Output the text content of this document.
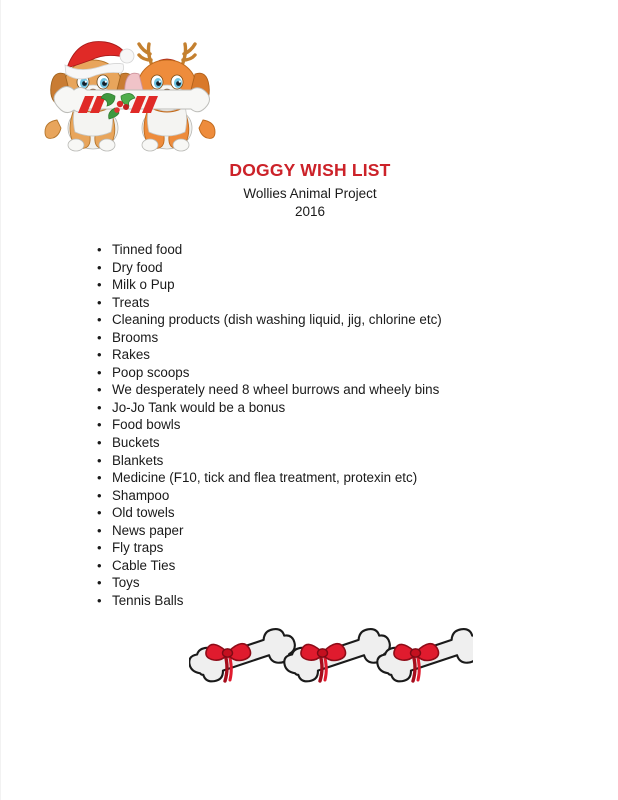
DOGGY WISH LIST
Wollies Animal Project
2016
• Tinned food
• Dry food
• Milk o Pup
• Treats
• Cleaning products (dish washing liquid, jig, chlorine etc)
• Brooms
• Rakes
• Poop scoops
• We desperately need 8 wheel burrows and wheely bins
• Jo-Jo Tank would be a bonus
• Food bowls
• Buckets
• Blankets
• Medicine (F10, tick and flea treatment, protexin etc)
• Shampoo
• Old towels
• News paper
• Fly traps
• Cable Ties
• Toys
• Tennis Balls
